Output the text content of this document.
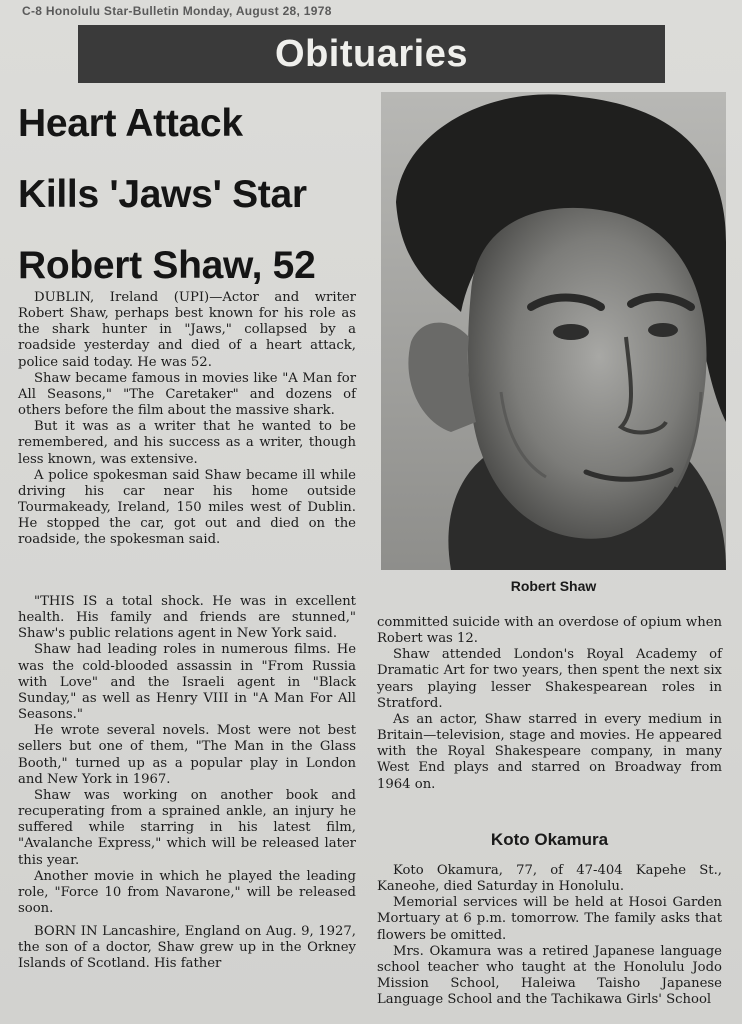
C-8 Honolulu Star-Bulletin Monday, August 28, 1978
Obituaries
Heart Attack
Kills 'Jaws' Star
Robert Shaw, 52

DUBLIN, Ireland (UPI)—Actor and writer Robert Shaw, perhaps best known for his role as the shark hunter in "Jaws," collapsed by a roadside yesterday and died of a heart attack, police said today. He was 52.

Shaw became famous in movies like "A Man for All Seasons," "The Caretaker" and dozens of others before the film about the massive shark.

But it was as a writer that he wanted to be remembered, and his success as a writer, though less known, was extensive.

A police spokesman said Shaw became ill while driving his car near his home outside Tourmakeady, Ireland, 150 miles west of Dublin. He stopped the car, got out and died on the roadside, the spokesman said.

"THIS IS a total shock. He was in excellent health. His family and friends are stunned," Shaw's public relations agent in New York said.

Shaw had leading roles in numerous films. He was the cold-blooded assassin in "From Russia with Love" and the Israeli agent in "Black Sunday," as well as Henry VIII in "A Man For All Seasons."

He wrote several novels. Most were not best sellers but one of them, "The Man in the Glass Booth," turned up as a popular play in London and New York in 1967.

Shaw was working on another book and recuperating from a sprained ankle, an injury he suffered while starring in his latest film, "Avalanche Express," which will be released later this year.

Another movie in which he played the leading role, "Force 10 from Navarone," will be released soon.

BORN IN Lancashire, England on Aug. 9, 1927, the son of a doctor, Shaw grew up in the Orkney Islands of Scotland. His father

Robert Shaw

committed suicide with an overdose of opium when Robert was 12.

Shaw attended London's Royal Academy of Dramatic Art for two years, then spent the next six years playing lesser Shakespearean roles in Stratford.

As an actor, Shaw starred in every medium in Britain—television, stage and movies. He appeared with the Royal Shakespeare company, in many West End plays and starred on Broadway from 1964 on.

Koto Okamura

Koto Okamura, 77, of 47-404 Kapehe St., Kaneohe, died Saturday in Honolulu.

Memorial services will be held at Hosoi Garden Mortuary at 6 p.m. tomorrow. The family asks that flowers be omitted.

Mrs. Okamura was a retired Japanese language school teacher who taught at the Honolulu Jodo Mission School, Haleiwa Taisho Japanese Language School and the Tachikawa Girls' School
